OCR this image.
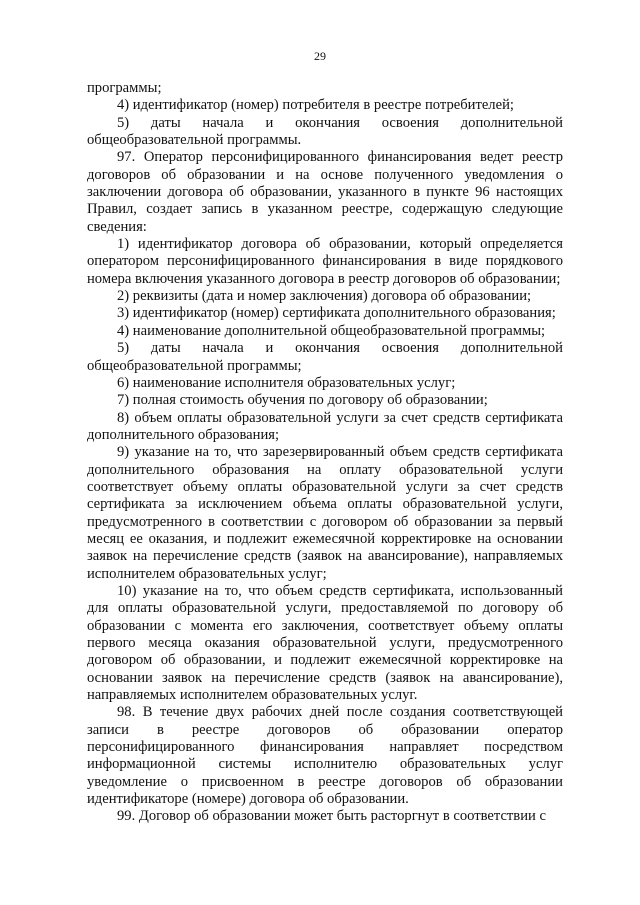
29

программы;

4) идентификатор (номер) потребителя в реестре потребителей;

5) даты начала и окончания освоения дополнительной общеобразовательной программы.

97. Оператор персонифицированного финансирования ведет реестр договоров об образовании и на основе полученного уведомления о заключении договора об образовании, указанного в пункте 96 настоящих Правил, создает запись в указанном реестре, содержащую следующие сведения:

1) идентификатор договора об образовании, который определяется оператором персонифицированного финансирования в виде порядкового номера включения указанного договора в реестр договоров об образовании;

2) реквизиты (дата и номер заключения) договора об образовании;

3) идентификатор (номер) сертификата дополнительного образования;

4) наименование дополнительной общеобразовательной программы;

5) даты начала и окончания освоения дополнительной общеобразовательной программы;

6) наименование исполнителя образовательных услуг;

7) полная стоимость обучения по договору об образовании;

8) объем оплаты образовательной услуги за счет средств сертификата дополнительного образования;

9) указание на то, что зарезервированный объем средств сертификата дополнительного образования на оплату образовательной услуги соответствует объему оплаты образовательной услуги за счет средств сертификата за исключением объема оплаты образовательной услуги, предусмотренного в соответствии с договором об образовании за первый месяц ее оказания, и подлежит ежемесячной корректировке на основании заявок на перечисление средств (заявок на авансирование), направляемых исполнителем образовательных услуг;

10) указание на то, что объем средств сертификата, использованный для оплаты образовательной услуги, предоставляемой по договору об образовании с момента его заключения, соответствует объему оплаты первого месяца оказания образовательной услуги, предусмотренного договором об образовании, и подлежит ежемесячной корректировке на основании заявок на перечисление средств (заявок на авансирование), направляемых исполнителем образовательных услуг.

98. В течение двух рабочих дней после создания соответствующей записи в реестре договоров об образовании оператор персонифицированного финансирования направляет посредством информационной системы исполнителю образовательных услуг уведомление о присвоенном в реестре договоров об образовании идентификаторе (номере) договора об образовании.

99. Договор об образовании может быть расторгнут в соответствии с
